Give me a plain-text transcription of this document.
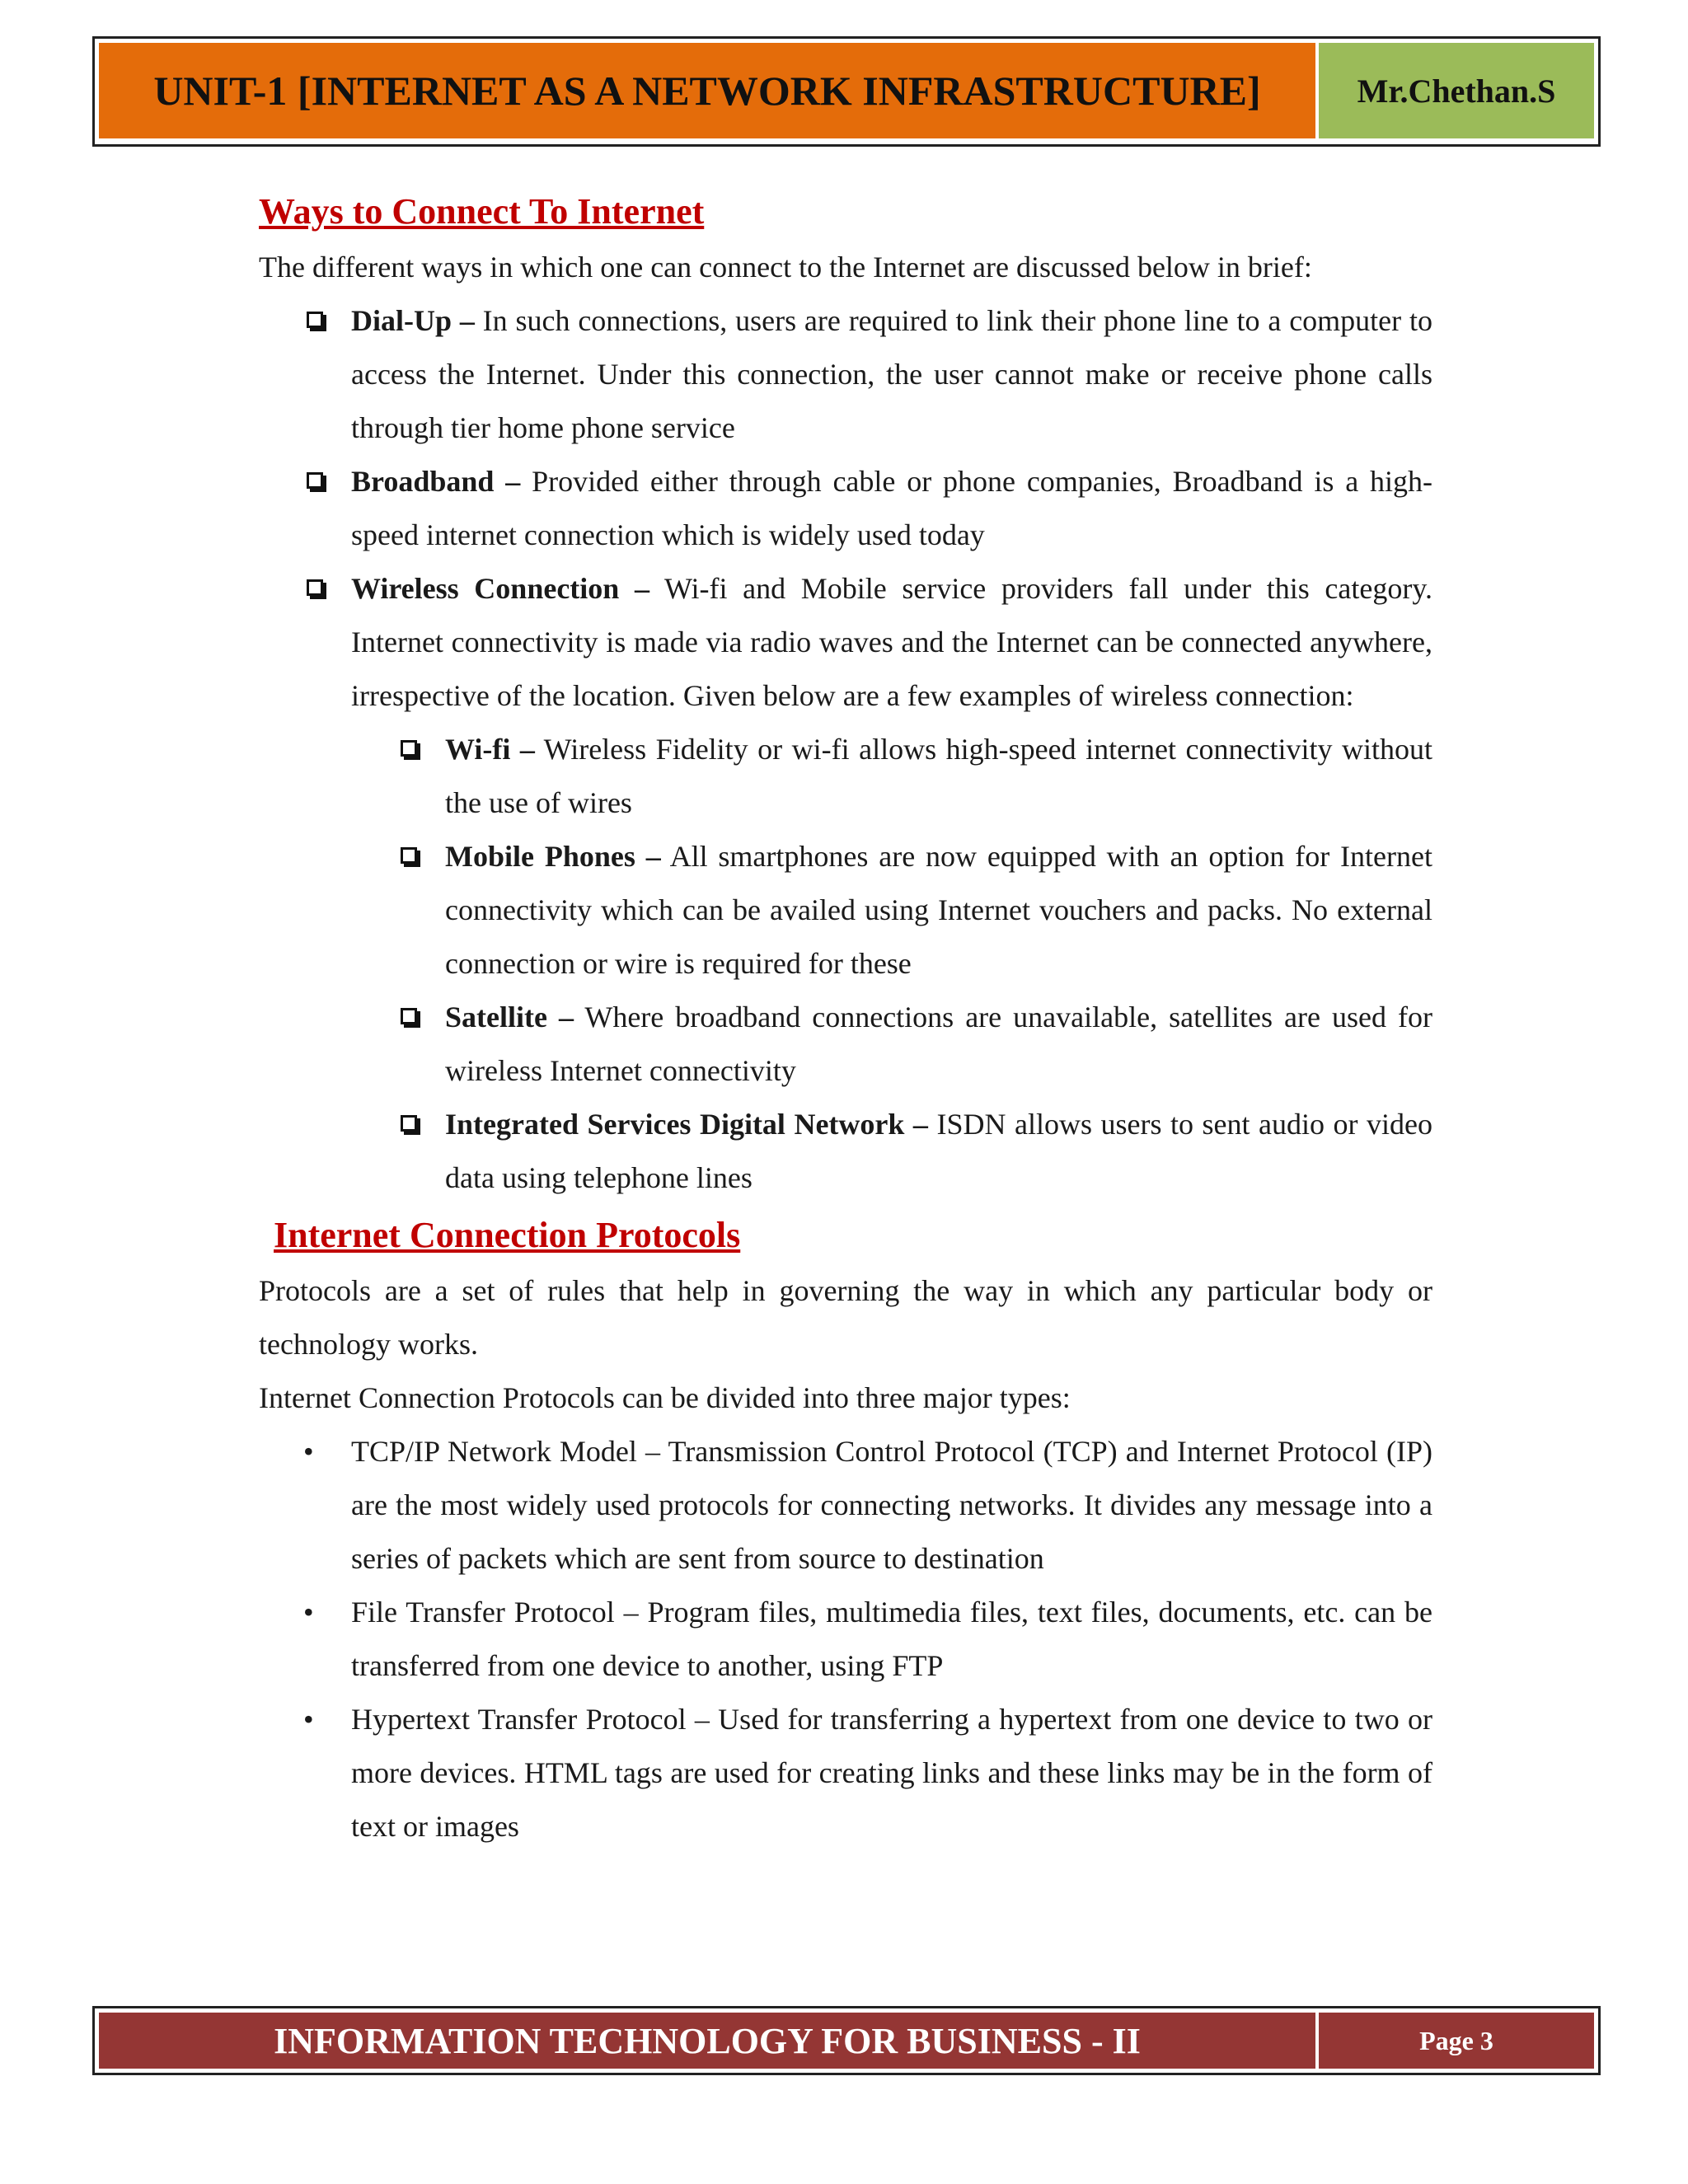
UNIT-1 [INTERNET AS A NETWORK INFRASTRUCTURE]	Mr.Chethan.S
Ways to Connect To Internet

The different ways in which one can connect to the Internet are discussed below in brief:

Dial-Up – In such connections, users are required to link their phone line to a computer to access the Internet. Under this connection, the user cannot make or receive phone calls through tier home phone service
Broadband – Provided either through cable or phone companies, Broadband is a high-speed internet connection which is widely used today
Wireless Connection – Wi-fi and Mobile service providers fall under this category. Internet connectivity is made via radio waves and the Internet can be connected anywhere, irrespective of the location. Given below are a few examples of wireless connection:
Wi-fi – Wireless Fidelity or wi-fi allows high-speed internet connectivity without the use of wires
Mobile Phones – All smartphones are now equipped with an option for Internet connectivity which can be availed using Internet vouchers and packs. No external connection or wire is required for these
Satellite – Where broadband connections are unavailable, satellites are used for wireless Internet connectivity
Integrated Services Digital Network – ISDN allows users to sent audio or video data using telephone lines
Internet Connection Protocols

Protocols are a set of rules that help in governing the way in which any particular body or technology works.

Internet Connection Protocols can be divided into three major types:

• TCP/IP Network Model – Transmission Control Protocol (TCP) and Internet Protocol (IP) are the most widely used protocols for connecting networks. It divides any message into a series of packets which are sent from source to destination
• File Transfer Protocol – Program files, multimedia files, text files, documents, etc. can be transferred from one device to another, using FTP
• Hypertext Transfer Protocol – Used for transferring a hypertext from one device to two or more devices. HTML tags are used for creating links and these links may be in the form of text or images
INFORMATION TECHNOLOGY FOR BUSINESS - II	Page 3
